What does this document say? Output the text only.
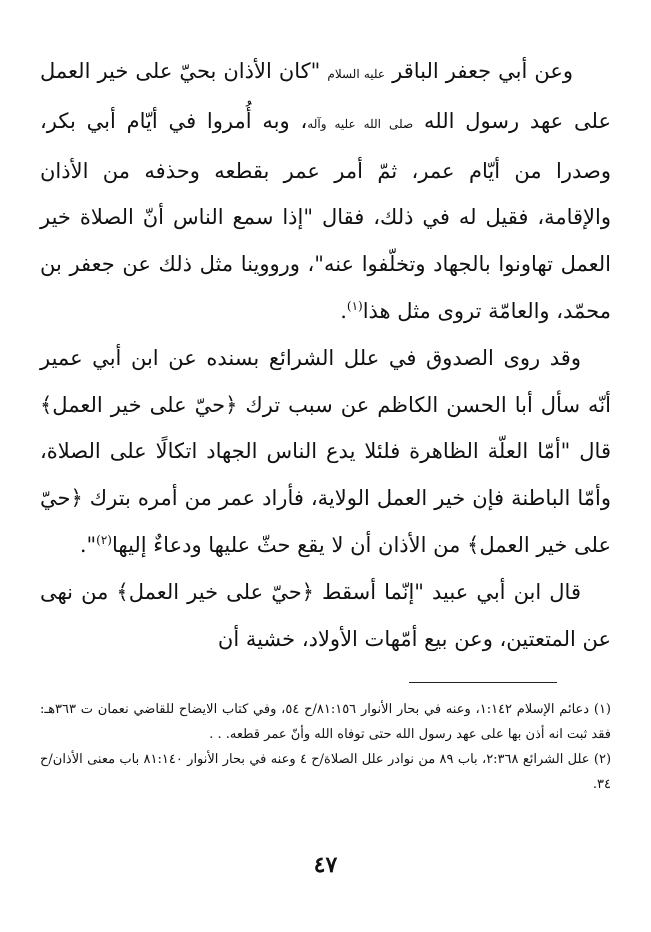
وعن أبي جعفر الباقر عليه السلام "كان الأذان بحيّ على خير العمل على عهد رسول الله صلى الله عليه وآله، وبه أُمروا في أيّام أبي بكر، وصدرا من أيّام عمر، ثمّ أمر عمر بقطعه وحذفه من الأذان والإقامة، فقيل له في ذلك، فقال "إذا سمع الناس أنّ الصلاة خير العمل تهاونوا بالجهاد وتخلّفوا عنه"، ورووينا مثل ذلك عن جعفر بن محمّد، والعامّة تروى مثل هذا$^{(١)}$.

وقد روى الصدوق في علل الشرائع بسنده عن ابن أبي عمير أنّه سأل أبا الحسن الكاظم عن سبب ترك ﴿حيّ على خير العمل﴾ قال "أمّا العلّة الظاهرة فلئلا يدع الناس الجهاد اتكالًا على الصلاة، وأمّا الباطنة فإن خير العمل الولاية، فأراد عمر من أمره بترك ﴿حيّ على خير العمل﴾ من الأذان أن لا يقع حثّ عليها ودعاءٌ إليها$^{(٢)}$".

قال ابن أبي عبيد "إنّما أسقط ﴿حيّ على خير العمل﴾ من نهى عن المتعتين، وعن بيع أمّهات الأولاد، خشية أن

(١) دعائم الإسلام ١:١٤٢، وعنه في بحار الأنوار ٨١:١٥٦/ح ٥٤، وفي كتاب الايضاح للقاضي نعمان ت ٣٦٣هـ: فقد ثبت انه أذن بها على عهد رسول الله حتى توفاه الله وأنّ عمر قطعه. . .

(٢) علل الشرائع ٢:٣٦٨، باب ٨٩ من نوادر علل الصلاة/ح ٤ وعنه في بحار الأنوار ٨١:١٤٠ باب معنى الأذان/ح ٣٤.

٤٧
